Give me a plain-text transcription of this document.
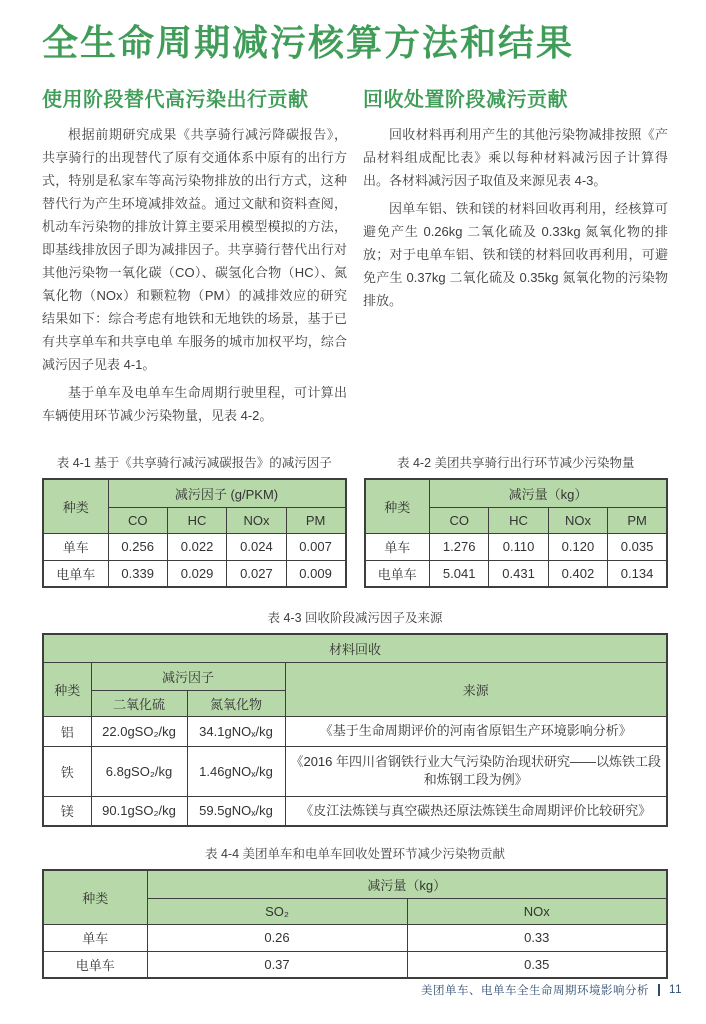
全生命周期减污核算方法和结果
使用阶段替代高污染出行贡献

根据前期研究成果《共享骑行减污降碳报告》，共享骑行的出现替代了原有交通体系中原有的出行方式，特别是私家车等高污染物排放的出行方式，这种替代行为产生环境减排效益。通过文献和资料查阅，机动车污染物的排放计算主要采用模型模拟的方法，即基线排放因子即为减排因子。共享骑行替代出行对其他污染物一氧化碳（CO）、碳氢化合物（HC）、氮氧化物（NOx）和颗粒物（PM）的减排效应的研究结果如下：综合考虑有地铁和无地铁的场景，基于已有共享单车和共享电单 车服务的城市加权平均，综合减污因子见表 4-1。

基于单车及电单车生命周期行驶里程，可计算出车辆使用环节减少污染物量，见表 4-2。

回收处置阶段减污贡献

回收材料再利用产生的其他污染物减排按照《产品材料组成配比表》乘以每种材料减污因子计算得出。各材料减污因子取值及来源见表 4-3。

因单车铝、铁和镁的材料回收再利用，经核算可避免产生 0.26kg 二氧化硫及 0.33kg 氮氧化物的排放；对于电单车铝、铁和镁的材料回收再利用，可避免产生 0.37kg 二氧化硫及 0.35kg 氮氧化物的污染物排放。

表 4-1 基于《共享骑行减污减碳报告》的减污因子
种类	减污因子 (g/PKM)			
	CO	HC	NOx	PM
单车	0.256	0.022	0.024	0.007
电单车	0.339	0.029	0.027	0.009
表 4-2 美团共享骑行出行环节减少污染物量
种类	减污量（kg）			
	CO	HC	NOx	PM
单车	1.276	0.110	0.120	0.035
电单车	5.041	0.431	0.402	0.134
表 4-3 回收阶段减污因子及来源
材料回收			
种类	减污因子		来源
	二氧化硫	氮氧化物	
铝	22.0gSO₂/kg	34.1gNOₓ/kg	《基于生命周期评价的河南省原铝生产环境影响分析》
铁	6.8gSO₂/kg	1.46gNOₓ/kg	《2016 年四川省钢铁行业大气污染防治现状研究——以炼铁工段和炼钢工段为例》
镁	90.1gSO₂/kg	59.5gNOₓ/kg	《皮江法炼镁与真空碳热还原法炼镁生命周期评价比较研究》
表 4-4 美团单车和电单车回收处置环节减少污染物贡献
种类	减污量（kg）	
	SO₂	NOx
单车	0.26	0.33
电单车	0.37	0.35
美团单车、电单车全生命周期环境影响分析 11
